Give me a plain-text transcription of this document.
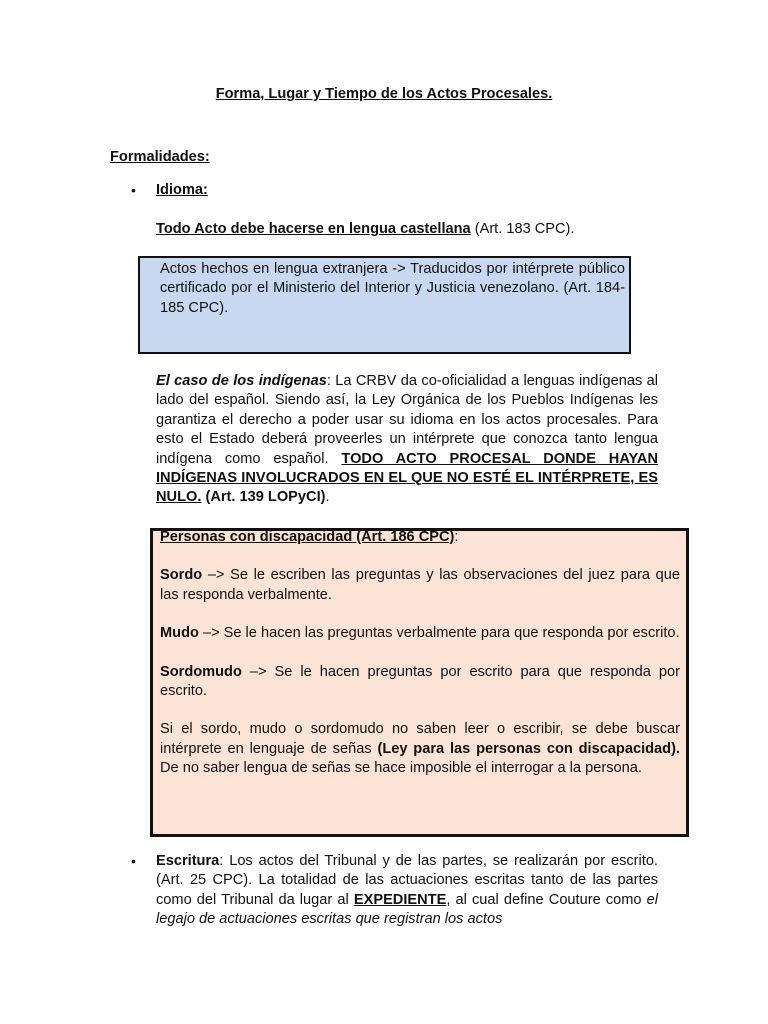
Forma, Lugar y Tiempo de los Actos Procesales.
Formalidades:
• Idioma:
Todo Acto debe hacerse en lengua castellana (Art. 183 CPC).
Actos hechos en lengua extranjera -> Traducidos por intérprete público certificado por el Ministerio del Interior y Justicia venezolano. (Art. 184-185 CPC).
El caso de los indígenas: La CRBV da co-oficialidad a lenguas indígenas al lado del español. Siendo así, la Ley Orgánica de los Pueblos Indígenas les garantiza el derecho a poder usar su idioma en los actos procesales. Para esto el Estado deberá proveerles un intérprete que conozca tanto lengua indígena como español. TODO ACTO PROCESAL DONDE HAYAN INDÍGENAS INVOLUCRADOS EN EL QUE NO ESTÉ EL INTÉRPRETE, ES NULO. (Art. 139 LOPyCI).

Personas con discapacidad (Art. 186 CPC):

Sordo –> Se le escriben las preguntas y las observaciones del juez para que las responda verbalmente.

Mudo –> Se le hacen las preguntas verbalmente para que responda por escrito.

Sordomudo –> Se le hacen preguntas por escrito para que responda por escrito.

Si el sordo, mudo o sordomudo no saben leer o escribir, se debe buscar intérprete en lenguaje de señas (Ley para las personas con discapacidad). De no saber lengua de señas se hace imposible el interrogar a la persona.

• Escritura: Los actos del Tribunal y de las partes, se realizarán por escrito. (Art. 25 CPC). La totalidad de las actuaciones escritas tanto de las partes como del Tribunal da lugar al EXPEDIENTE, al cual define Couture como el legajo de actuaciones escritas que registran los actos
